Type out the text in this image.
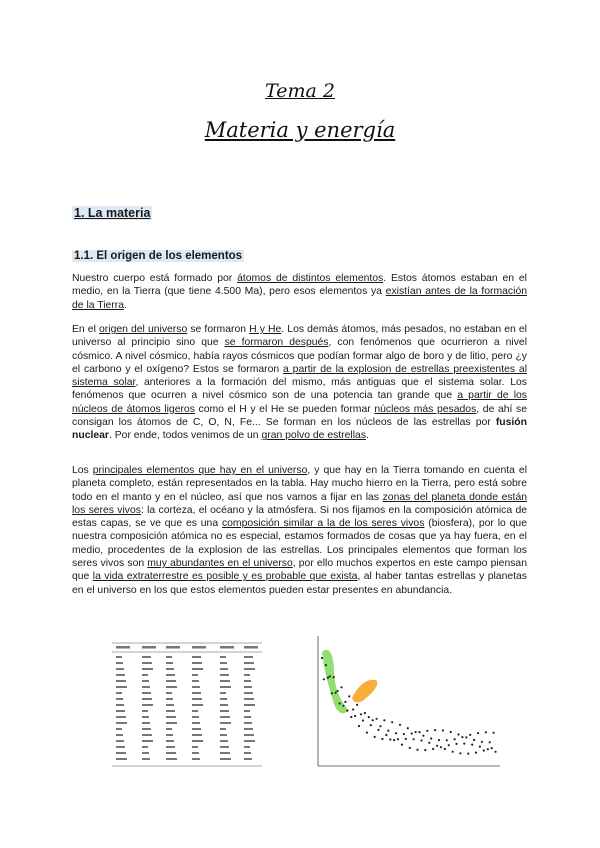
Tema 2
Materia y energía
1. La materia
1.1. El origen de los elementos

Nuestro cuerpo está formado por átomos de distintos elementos. Estos átomos estaban en el medio, en la Tierra (que tiene 4.500 Ma), pero esos elementos ya existían antes de la formación de la Tierra.

En el origen del universo se formaron H y He. Los demás átomos, más pesados, no estaban en el universo al principio sino que se formaron después, con fenómenos que ocurrieron a nivel cósmico. A nivel cósmico, había rayos cósmicos que podían formar algo de boro y de litio, pero ¿y el carbono y el oxígeno? Estos se formaron a partir de la explosion de estrellas preexistentes al sistema solar, anteriores a la formación del mismo, más antiguas que el sistema solar. Los fenómenos que ocurren a nivel cósmico son de una potencia tan grande que a partir de los núcleos de átomos ligeros como el H y el He se pueden formar núcleos más pesados, de ahí se consigan los átomos de C, O, N, Fe... Se forman en los núcleos de las estrellas por fusión nuclear. Por ende, todos venimos de un gran polvo de estrellas.

Los principales elementos que hay en el universo, y que hay en la Tierra tomando en cuenta el planeta completo, están representados en la tabla. Hay mucho hierro en la Tierra, pero está sobre todo en el manto y en el núcleo, así que nos vamos a fijar en las zonas del planeta donde están los seres vivos: la corteza, el océano y la atmósfera. Si nos fijamos en la composición atómica de estas capas, se ve que es una composición similar a la de los seres vivos (biosfera), por lo que nuestra composición atómica no es especial, estamos formados de cosas que ya hay fuera, en el medio, procedentes de la explosion de las estrellas. Los principales elementos que forman los seres vivos son muy abundantes en el universo, por ello muchos expertos en este campo piensan que la vida extraterrestre es posible y es probable que exista, al haber tantas estrellas y planetas en el universo en los que estos elementos pueden estar presentes en abundancia.
